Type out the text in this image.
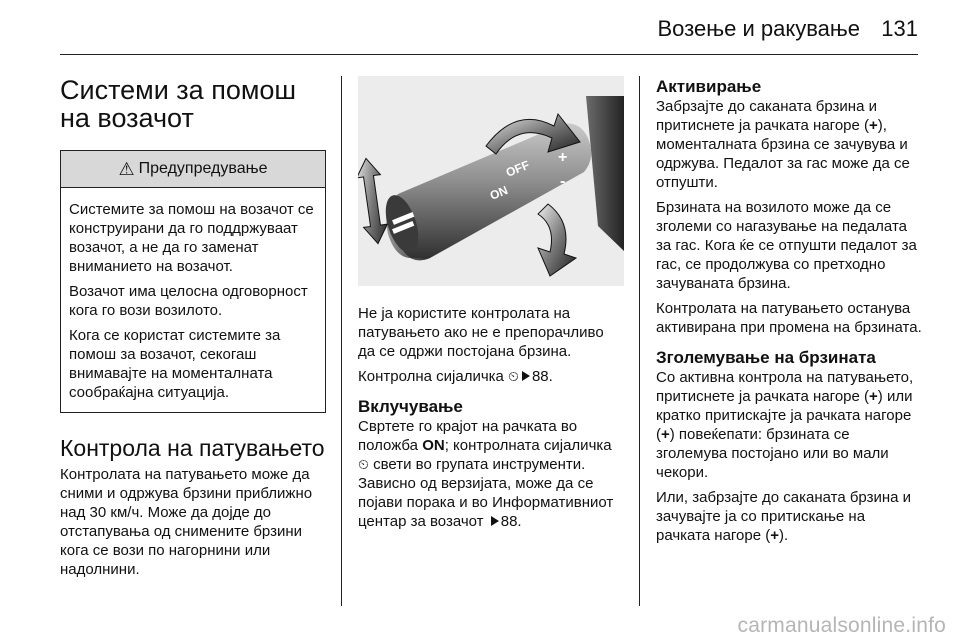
Возење и ракување 131
Системи за помош на возачот
⚠ Предупредување

Системите за помош на возачот се конструирани да го поддржуваат возачот, а не да го заменат вниманието на возачот.

Возачот има целосна одговорност кога го вози возилото.

Кога се користат системите за помош за возачот, секогаш внимавајте на моменталната сообраќајна ситуација.

Контрола на патувањето

Контролата на патувањето може да сними и одржува брзини приближно над 30 км/ч. Може да дојде до отстапувања од снимените брзини кога се вози по нагорнини или надолнини.

OFF
ON
+
-

Не ја користите контролата на патувањето ако не е препорачливо да се одржи постојана брзина.

Контролна сијаличка ⏲ 88.

Вклучување

Свртете го крајот на рачката во положба ON; контролната сијаличка ⏲ свети во групата инструменти. Зависно од верзијата, може да се појави порака и во Информативниот центар за возачот 88.

Активирање

Забрзајте до саканата брзина и притиснете ја рачката нагоре (+), моменталната брзина се зачувува и одржува. Педалот за гас може да се отпушти.

Брзината на возилото може да се зголеми со нагазување на педалата за гас. Кога ќе се отпушти педалот за гас, се продолжува со претходно зачуваната брзина.

Контролата на патувањето останува активирана при промена на брзината.

Зголемување на брзината

Со активна контрола на патувањето, притиснете ја рачката нагоре (+) или кратко притискајте ја рачката нагоре (+) повеќепати: брзината се зголемува постојано или во мали чекори.

Или, забрзајте до саканата брзина и зачувајте ја со притискање на рачката нагоре (+).

carmanualsonline.info
